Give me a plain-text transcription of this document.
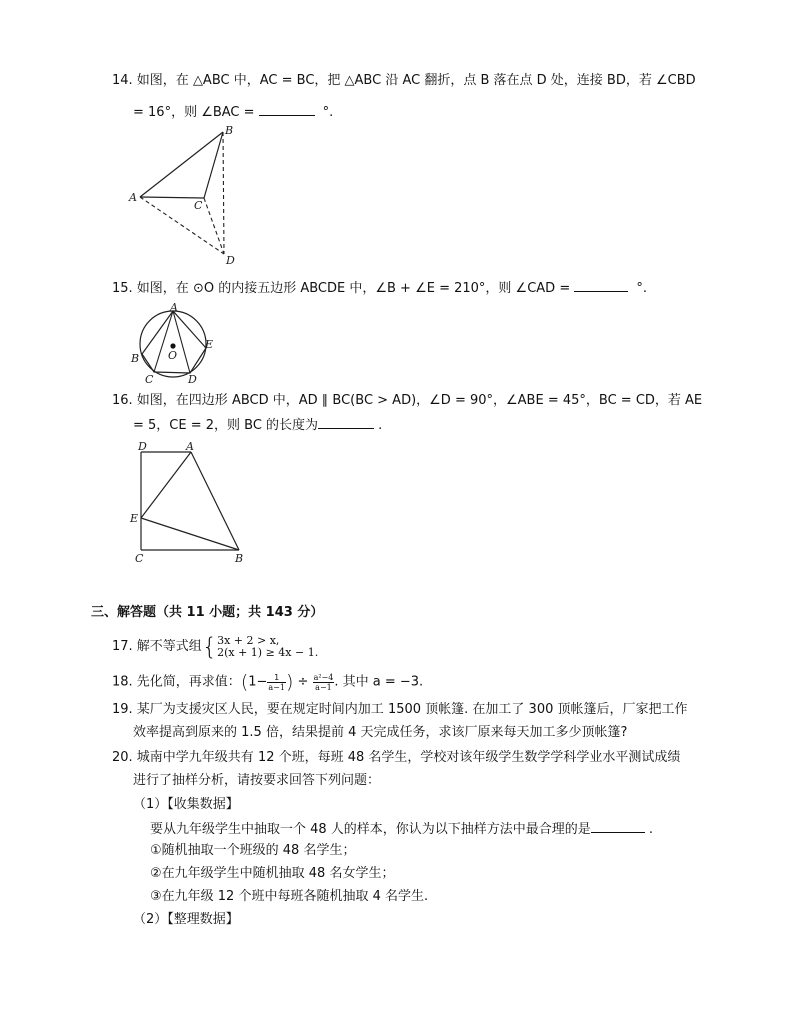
14. 如图，在 △ABC 中，AC = BC，把 △ABC 沿 AC 翻折，点 B 落在点 D 处，连接 BD，若 ∠CBD
= 16°，则 ∠BAC =	°.
A
B
C
D
15. 如图，在 ⊙O 的内接五边形 ABCDE 中，∠B + ∠E = 210°，则 ∠CAD =	°.
A
B
C	D
E
O
16. 如图，在四边形 ABCD 中，AD ∥ BC(BC > AD)，∠D = 90°，∠ABE = 45°，BC = CD，若 AE
= 5，CE = 2，则 BC 的长度为	.
D	A
E
C	B
三、解答题（共 11 小题；共 143 分）
17. 解不等式组{ 3x + 2 > x,
2(x + 1) ≥ 4x − 1.
18. 先化简，再求值：($1- \frac{1}{a-1}$ ) ÷ $\frac{\text{a²−4}}{a-1}$ . 其中 a = −3.
19. 某厂为支援灾区人民，要在规定时间内加工 1500 顶帐篷. 在加工了 300 顶帐篷后，厂家把工作
效率提高到原来的 1.5 倍，结果提前 4 天完成任务，求该厂原来每天加工多少顶帐篷?
20. 城南中学九年级共有 12 个班，每班 48 名学生，学校对该年级学生数学学科学业水平测试成绩
进行了抽样分析，请按要求回答下列问题：
（1）【收集数据】
要从九年级学生中抽取一个 48 人的样本，你认为以下抽样方法中最合理的是	.
①随机抽取一个班级的 48 名学生；
②在九年级学生中随机抽取 48 名女学生；
③在九年级 12 个班中每班各随机抽取 4 名学生.
（2）【整理数据】
